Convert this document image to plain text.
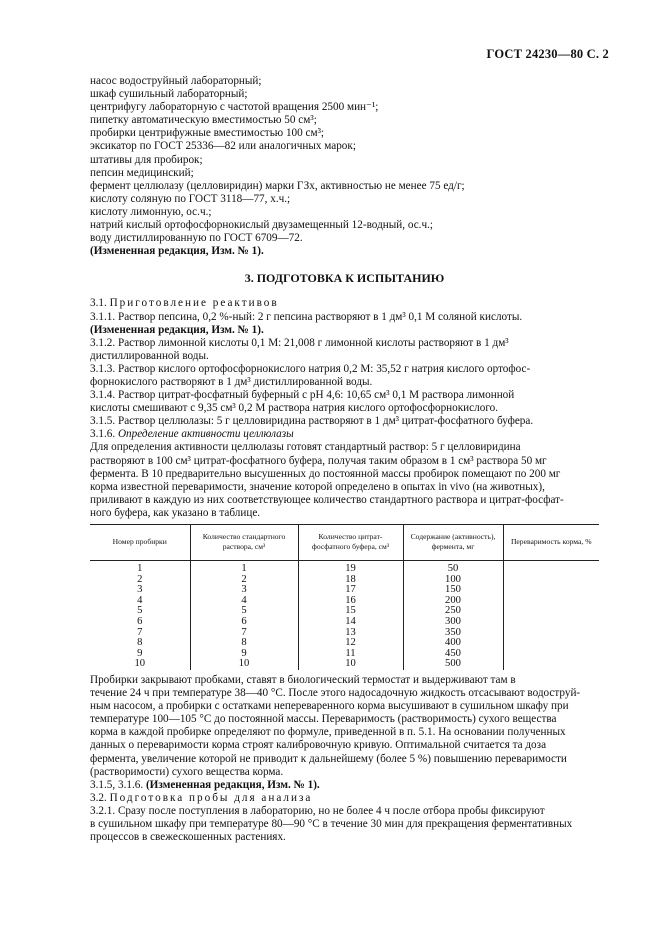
ГОСТ 24230—80 С. 2
насос водоструйный лабораторный;
шкаф сушильный лабораторный;
центрифугу лабораторную с частотой вращения 2500 мин⁻¹;
пипетку автоматическую вместимостью 50 см³;
пробирки центрифужные вместимостью 100 см³;
эксикатор по ГОСТ 25336—82 или аналогичных марок;
штативы для пробирок;
пепсин медицинский;
фермент целлюлазу (целловиридин) марки ГЗх, активностью не менее 75 ед/г;
кислоту соляную по ГОСТ 3118—77, х.ч.;
кислоту лимонную, ос.ч.;
натрий кислый ортофосфорнокислый двузамещенный 12-водный, ос.ч.;
воду дистиллированную по ГОСТ 6709—72.
(Измененная редакция, Изм. № 1).
3. ПОДГОТОВКА К ИСПЫТАНИЮ
3.1. Приготовление реактивов
3.1.1. Раствор пепсина, 0,2 %-ный: 2 г пепсина растворяют в 1 дм³ 0,1 М соляной кислоты.
(Измененная редакция, Изм. № 1).
3.1.2. Раствор лимонной кислоты 0,1 М: 21,008 г лимонной кислоты растворяют в 1 дм³
дистиллированной воды.
3.1.3. Раствор кислого ортофосфорнокислого натрия 0,2 М: 35,52 г натрия кислого ортофос-
форнокислого растворяют в 1 дм³ дистиллированной воды.
3.1.4. Раствор цитрат-фосфатный буферный с pH 4,6: 10,65 см³ 0,1 М раствора лимонной
кислоты смешивают с 9,35 см³ 0,2 М раствора натрия кислого ортофосфорнокислого.
3.1.5. Раствор целлюлазы: 5 г целловиридина растворяют в 1 дм³ цитрат-фосфатного буфера.
3.1.6. Определение активности целлюлазы
Для определения активности целлюлазы готовят стандартный раствор: 5 г целловиридина
растворяют в 100 см³ цитрат-фосфатного буфера, получая таким образом в 1 см³ раствора 50 мг
фермента. В 10 предварительно высушенных до постоянной массы пробирок помещают по 200 мг
корма известной переваримости, значение которой определено в опытах in vivo (на животных),
приливают в каждую из них соответствующее количество стандартного раствора и цитрат-фосфат-
ного буфера, как указано в таблице.
Номер пробирки	Количество стандартного раствора, см³	Количество цитрат-фосфатного буфера, см³	Содержание (активность), фермента, мг	Переваримость корма, %
1	1	19	50	
2	2	18	100	
3	3	17	150	
4	4	16	200	
5	5	15	250	
6	6	14	300	
7	7	13	350	
8	8	12	400	
9	9	11	450	
10	10	10	500	
Пробирки закрывают пробками, ставят в биологический термостат и выдерживают там в
течение 24 ч при температуре 38—40 °С. После этого надосадочную жидкость отсасывают водоструй-
ным насосом, а пробирки с остатками непереваренного корма высушивают в сушильном шкафу при
температуре 100—105 °С до постоянной массы. Переваримость (растворимость) сухого вещества
корма в каждой пробирке определяют по формуле, приведенной в п. 5.1. На основании полученных
данных о переваримости корма строят калибровочную кривую. Оптимальной считается та доза
фермента, увеличение которой не приводит к дальнейшему (более 5 %) повышению переваримости
(растворимости) сухого вещества корма.
3.1.5, 3.1.6. (Измененная редакция, Изм. № 1).
3.2. Подготовка пробы для анализа
3.2.1. Сразу после поступления в лабораторию, но не более 4 ч после отбора пробы фиксируют
в сушильном шкафу при температуре 80—90 °С в течение 30 мин для прекращения ферментативных
процессов в свежескошенных растениях.
